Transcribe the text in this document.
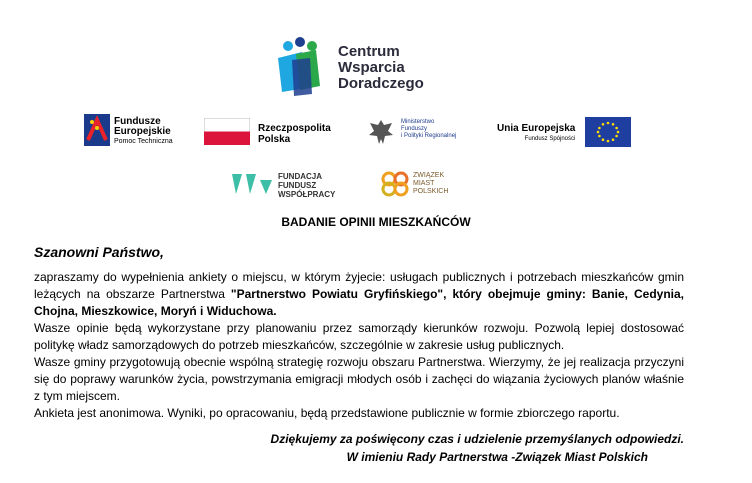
Centrum
Wsparcia
Doradczego
Fundusze
Europejskie
Pomoc Techniczna
Rzeczpospolita
Polska
Ministerstwo
Funduszy
i Polityki Regionalnej
Unia Europejska
Fundusz Spójności
FUNDACJA
FUNDUSZ
WSPÓŁPRACY
ZWIĄZEK
MIAST
POLSKICH
BADANIE OPINII MIESZKAŃCÓW
Szanowni Państwo,

zapraszamy do wypełnienia ankiety o miejscu, w którym żyjecie: usługach publicznych i potrzebach mieszkańców gmin leżących na obszarze Partnerstwa "Partnerstwo Powiatu Gryfińskiego", który obejmuje gminy: Banie, Cedynia, Chojna, Mieszkowice, Moryń i Widuchowa.

Wasze opinie będą wykorzystane przy planowaniu przez samorządy kierunków rozwoju. Pozwolą lepiej dostosować politykę władz samorządowych do potrzeb mieszkańców, szczególnie w zakresie usług publicznych.

Wasze gminy przygotowują obecnie wspólną strategię rozwoju obszaru Partnerstwa. Wierzymy, że jej realizacja przyczyni się do poprawy warunków życia, powstrzymania emigracji młodych osób i zachęci do wiązania życiowych planów właśnie z tym miejscem.

Ankieta jest anonimowa. Wyniki, po opracowaniu, będą przedstawione publicznie w formie zbiorczego raportu.

Dziękujemy za poświęcony czas i udzielenie przemyślanych odpowiedzi.
W imieniu Rady Partnerstwa -Związek Miast Polskich
